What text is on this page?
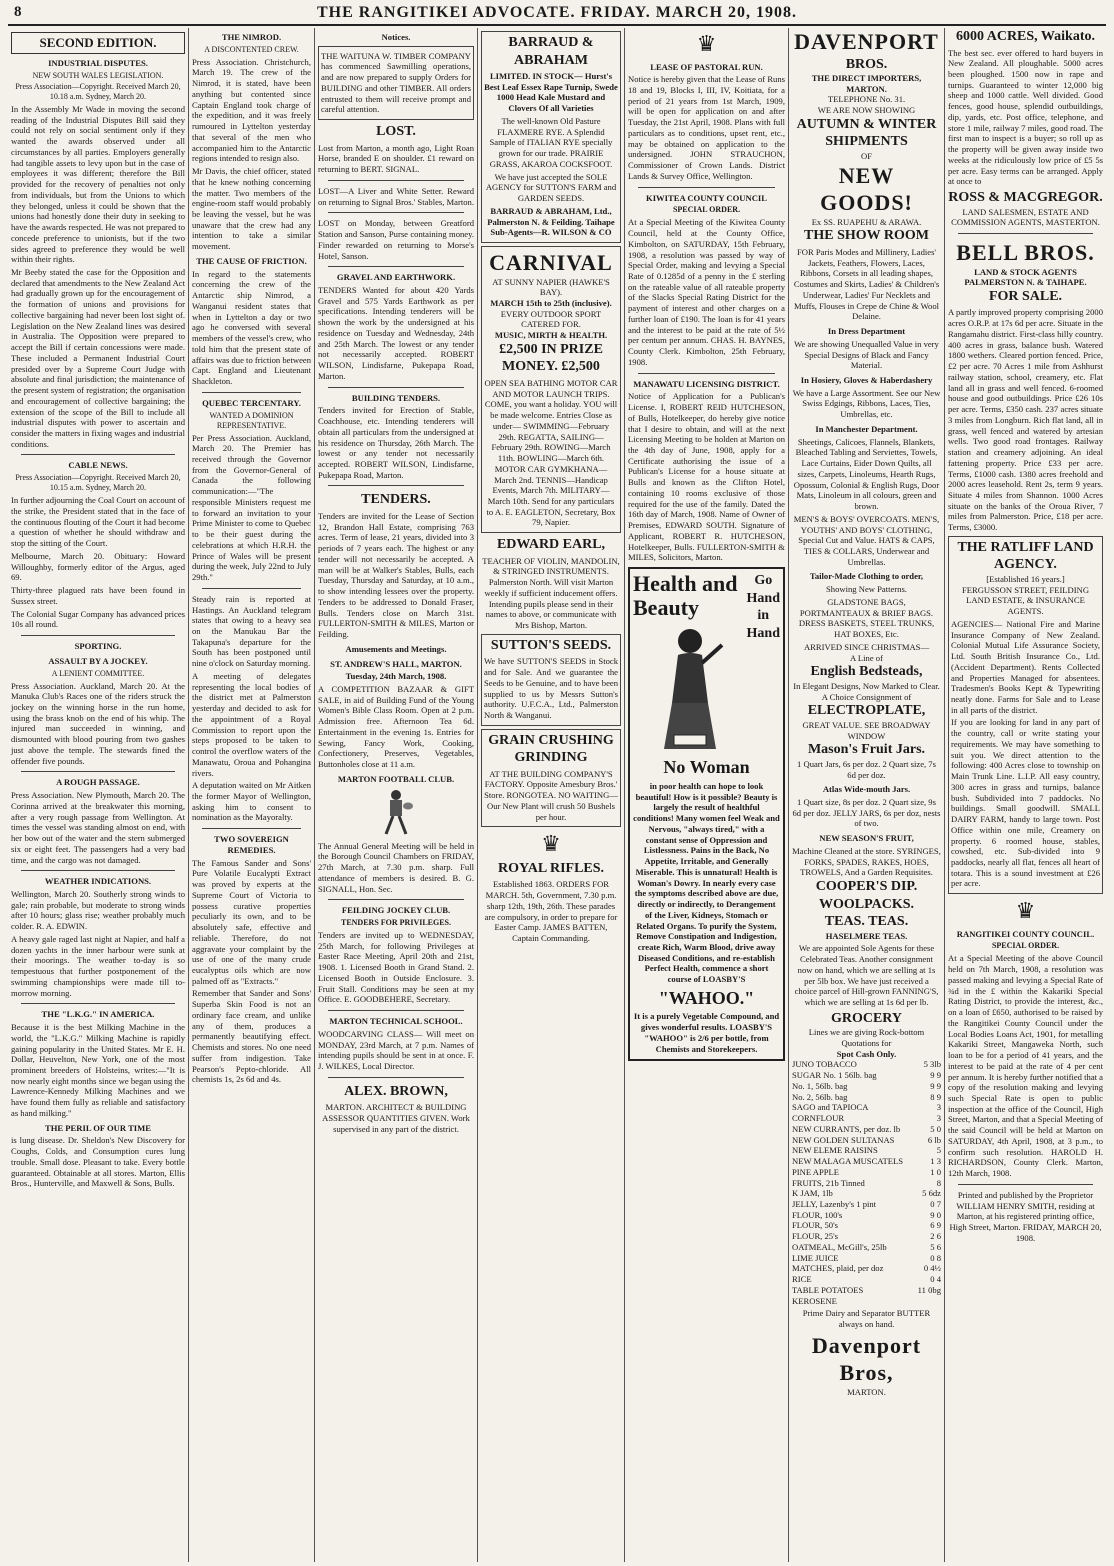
8	THE RANGITIKEI ADVOCATE. FRIDAY. MARCH 20, 1908.
SECOND EDITION.
INDUSTRIAL DISPUTES.
NEW SOUTH WALES LEGISLATION.
Press Association—Copyright. Received March 20, 10.18 a.m. Sydney, March 20.

In the Assembly Mr Wade in moving the second reading of the Industrial Disputes Bill said they could not rely on social sentiment only if they wanted the awards observed under all circumstances by all parties. Employers generally had tangible assets to levy upon but in the case of employees it was different; therefore the Bill provided for the recovery of penalties not only from individuals, but from the Unions to which they belonged, unless it could be shown that the unions had honestly done their duty in seeking to have the awards respected. He was not prepared to concede preference to unionists, but if the two sides agreed to preference they would be well within their rights.

Mr Beeby stated the case for the Opposition and declared that amendments to the New Zealand Act had gradually grown up for the encouragement of the formation of unions and provisions for collective bargaining had never been lost sight of. Legislation on the New Zealand lines was desired in Australia. The Opposition were prepared to accept the Bill if certain concessions were made. These included a Permanent Industrial Court presided over by a Supreme Court Judge with absolute and final jurisdiction; the maintenance of the present system of registration; the organisation and encouragement of collective bargaining; the extension of the scope of the Bill to include all industrial disputes with power to ascertain and consider the matters in fixing wages and industrial conditions.

CABLE NEWS.
Press Association—Copyright. Received March 20, 10.15 a.m. Sydney, March 20.

In further adjourning the Coal Court on account of the strike, the President stated that in the face of the continuous flouting of the Court it had become a question of whether he should withdraw and stop the sitting of the Court.

Melbourne, March 20. Obituary: Howard Willoughby, formerly editor of the Argus, aged 69.

Thirty-three plagued rats have been found in Sussex street.

The Colonial Sugar Company has advanced prices 10s all round.

SPORTING.
ASSAULT BY A JOCKEY.
A LENIENT COMMITTEE.

Press Association. Auckland, March 20. At the Manuka Club's Races one of the riders struck the jockey on the winning horse in the run home, using the brass knob on the end of his whip. The injured man succeeded in winning, and dismounted with blood pouring from two gashes just above the temple. The stewards fined the offender five pounds.

A ROUGH PASSAGE.

Press Association. New Plymouth, March 20. The Corinna arrived at the breakwater this morning, after a very rough passage from Wellington. At times the vessel was standing almost on end, with her bow out of the water and the stern submerged six or eight feet. The passengers had a very bad time, and the cargo was not damaged.

WEATHER INDICATIONS.

Wellington, March 20. Southerly strong winds to gale; rain probable, but moderate to strong winds after 10 hours; glass rise; weather probably much colder. R. A. EDWIN.

A heavy gale raged last night at Napier, and half a dozen yachts in the inner harbour were sunk at their moorings. The weather to-day is so tempestuous that further postponement of the swimming championships were made till to-morrow morning.

THE "L.K.G." IN AMERICA.

Because it is the best Milking Machine in the world, the "L.K.G." Milking Machine is rapidly gaining popularity in the United States. Mr E. H. Dollar, Heuvelton, New York, one of the most prominent breeders of Holsteins, writes:—"It is now nearly eight months since we began using the Lawrence-Kennedy Milking Machines and we have found them fully as reliable and satisfactory as hand milking."

THE PERIL OF OUR TIME

is lung disease. Dr. Sheldon's New Discovery for Coughs, Colds, and Consumption cures lung trouble. Small dose. Pleasant to take. Every bottle guaranteed. Obtainable at all stores. Marton, Ellis Bros., Hunterville, and Maxwell & Sons, Bulls.

THE NIMROD.
A DISCONTENTED CREW.

Press Association. Christchurch, March 19. The crew of the Nimrod, it is stated, have been anything but contented since Captain England took charge of the expedition, and it was freely rumoured in Lyttelton yesterday that several of the men who accompanied him to the Antarctic regions intended to resign also.

Mr Davis, the chief officer, stated that he knew nothing concerning the matter. Two members of the engine-room staff would probably be leaving the vessel, but he was unaware that the crew had any intention to take a similar movement.

THE CAUSE OF FRICTION.

In regard to the statements concerning the crew of the Antarctic ship Nimrod, a Wanganui resident states that when in Lyttelton a day or two ago he conversed with several members of the vessel's crew, who told him that the present state of affairs was due to friction between Capt. England and Lieutenant Shackleton.

QUEBEC TERCENTARY.
WANTED A DOMINION REPRESENTATIVE.

Per Press Association. Auckland, March 20. The Premier has received through the Governor from the Governor-General of Canada the following communication:—"The responsible Ministers request me to forward an invitation to your Prime Minister to come to Quebec to be their guest during the celebrations at which H.R.H. the Prince of Wales will be present during the week, July 22nd to July 29th."

Steady rain is reported at Hastings. An Auckland telegram states that owing to a heavy sea on the Manukau Bar the Takapuna's departure for the South has been postponed until nine o'clock on Saturday morning.

A meeting of delegates representing the local bodies of the district met at Palmerston yesterday and decided to ask for the appointment of a Royal Commission to report upon the steps proposed to be taken to control the overflow waters of the Manawatu, Oroua and Pohangina rivers.

A deputation waited on Mr Aitken the former Mayor of Wellington, asking him to consent to nomination as the Mayoralty.

TWO SOVEREIGN REMEDIES.

The Famous Sander and Sons' Pure Volatile Eucalypti Extract was proved by experts at the Supreme Court of Victoria to possess curative properties peculiarly its own, and to be absolutely safe, effective and reliable. Therefore, do not aggravate your complaint by the use of one of the many crude eucalyptus oils which are now palmed off as "Extracts."

Remember that Sander and Sons' Superba Skin Food is not an ordinary face cream, and unlike any of them, produces a permanently beautifying effect. Chemists and stores. No one need suffer from indigestion. Take Pearson's Pepto-chloride. All chemists 1s, 2s 6d and 4s.

Notices.

THE WAITUNA W. TIMBER COMPANY has commenced Sawmilling operations, and are now prepared to supply Orders for BUILDING and other TIMBER. All orders entrusted to them will receive prompt and careful attention.

LOST.

Lost from Marton, a month ago, Light Roan Horse, branded E on shoulder. £1 reward on returning to BERT. SIGNAL.

LOST—A Liver and White Setter. Reward on returning to Signal Bros.' Stables, Marton.

LOST on Monday, between Greatford Station and Sanson, Purse containing money. Finder rewarded on returning to Morse's Hotel, Sanson.

GRAVEL AND EARTHWORK.

TENDERS Wanted for about 420 Yards Gravel and 575 Yards Earthwork as per specifications. Intending tenderers will be shown the work by the undersigned at his residence on Tuesday and Wednesday, 24th and 25th March. The lowest or any tender not necessarily accepted. ROBERT WILSON, Lindisfarne, Pukepapa Road, Marton.

BUILDING TENDERS.

Tenders invited for Erection of Stable, Coachhouse, etc. Intending tenderers will obtain all particulars from the undersigned at his residence on Thursday, 26th March. The lowest or any tender not necessarily accepted. ROBERT WILSON, Lindisfarne, Pukepapa Road, Marton.

TENDERS.

Tenders are invited for the Lease of Section 12, Brandon Hall Estate, comprising 763 acres. Term of lease, 21 years, divided into 3 periods of 7 years each. The highest or any tender will not necessarily be accepted. A man will be at Walker's Stables, Bulls, each Tuesday, Thursday and Saturday, at 10 a.m., to show intending lessees over the property. Tenders to be addressed to Donald Fraser, Bulls. Tenders close on March 31st. FULLERTON-SMITH & MILES, Marton or Feilding.

Amusements and Meetings.
ST. ANDREW'S HALL, MARTON.
Tuesday, 24th March, 1908.

A COMPETITION BAZAAR & GIFT SALE, in aid of Building Fund of the Young Women's Bible Class Room. Open at 2 p.m. Admission free. Afternoon Tea 6d. Entertainment in the evening 1s. Entries for Sewing, Fancy Work, Cooking, Confectionery, Preserves, Vegetables, Buttonholes close at 11 a.m.

MARTON FOOTBALL CLUB.

The Annual General Meeting will be held in the Borough Council Chambers on FRIDAY, 27th March, at 7.30 p.m. sharp. Full attendance of members is desired. B. G. SIGNALL, Hon. Sec.

FEILDING JOCKEY CLUB.
TENDERS FOR PRIVILEGES.

Tenders are invited up to WEDNESDAY, 25th March, for following Privileges at Easter Race Meeting, April 20th and 21st, 1908. 1. Licensed Booth in Grand Stand. 2. Licensed Booth in Outside Enclosure. 3. Fruit Stall. Conditions may be seen at my Office. E. GOODBEHERE, Secretary.

MARTON TECHNICAL SCHOOL.

WOODCARVING CLASS— Will meet on MONDAY, 23rd March, at 7 p.m. Names of intending pupils should be sent in at once. F. J. WILKES, Local Director.

ALEX. BROWN,

MARTON. ARCHITECT & BUILDING ASSESSOR QUANTITIES GIVEN. Work supervised in any part of the district.

BARRAUD & ABRAHAM

LIMITED. IN STOCK— Hurst's Best Leaf Essex Rape Turnip, Swede 1000 Head Kale Mustard and Clovers Of all Varieties

The well-known Old Pasture FLAXMERE RYE. A Splendid Sample of ITALIAN RYE specially grown for our trade. PRAIRIE GRASS, AKAROA COCKSFOOT.

We have just accepted the SOLE AGENCY for SUTTON'S FARM and GARDEN SEEDS.

BARRAUD & ABRAHAM, Ltd., Palmerston N. & Feilding. Taihape Sub-Agents—R. WILSON & CO

CARNIVAL
AT SUNNY NAPIER (HAWKE'S BAY).
MARCH 15th to 25th (inclusive).
EVERY OUTDOOR SPORT CATERED FOR.
MUSIC, MIRTH & HEALTH.
£2,500 IN PRIZE MONEY. £2,500

OPEN SEA BATHING MOTOR CAR AND MOTOR LAUNCH TRIPS. COME, you want a holiday. YOU will be made welcome. Entries Close as under— SWIMMING—February 29th. REGATTA, SAILING—February 29th. ROWING—March 11th. BOWLING—March 6th. MOTOR CAR GYMKHANA—March 2nd. TENNIS—Handicap Events, March 7th. MILITARY—March 10th. Send for any particulars to A. E. EAGLETON, Secretary, Box 79, Napier.

EDWARD EARL,

TEACHER OF VIOLIN, MANDOLIN, & STRINGED INSTRUMENTS. Palmerston North. Will visit Marton weekly if sufficient inducement offers. Intending pupils please send in their names to above, or communicate with Mrs Bishop, Marton.

SUTTON'S SEEDS.

We have SUTTON'S SEEDS in Stock and for Sale. And we guarantee the Seeds to be Genuine, and to have been supplied to us by Messrs Sutton's authority. U.F.C.A., Ltd., Palmerston North & Wanganui.

GRAIN CRUSHING GRINDING

AT THE BUILDING COMPANY'S FACTORY. Opposite Amesbury Bros.' Store. RONGOTEA. NO WAITING—Our New Plant will crush 50 Bushels per hour.

♛
ROYAL RIFLES.

Established 1863. ORDERS FOR MARCH. 5th, Government, 7.30 p.m. sharp 12th, 19th, 26th. These parades are compulsory, in order to prepare for Easter Camp. JAMES BATTEN, Captain Commanding.

♛
LEASE OF PASTORAL RUN.

Notice is hereby given that the Lease of Runs 18 and 19, Blocks I, III, IV, Koitiata, for a period of 21 years from 1st March, 1909, will be open for application on and after Tuesday, the 21st April, 1908. Plans with full particulars as to conditions, upset rent, etc., may be obtained on application to the undersigned. JOHN STRAUCHON, Commissioner of Crown Lands. District Lands & Survey Office, Wellington.

KIWITEA COUNTY COUNCIL
SPECIAL ORDER.

At a Special Meeting of the Kiwitea County Council, held at the County Office, Kimbolton, on SATURDAY, 15th February, 1908, a resolution was passed by way of Special Order, making and levying a Special Rate of 0.1285d of a penny in the £ sterling on the rateable value of all rateable property of the Slacks Special Rating District for the payment of interest and other charges on a further loan of £190. The loan is for 41 years and the interest to be paid at the rate of 5½ per centum per annum. CHAS. H. BAYNES, County Clerk. Kimbolton, 25th February, 1908.

MANAWATU LICENSING DISTRICT.

Notice of Application for a Publican's License. I, ROBERT REID HUTCHESON, of Bulls, Hotelkeeper, do hereby give notice that I desire to obtain, and will at the next Licensing Meeting to be holden at Marton on the 4th day of June, 1908, apply for a Certificate authorising the issue of a Publican's License for a house situate at Bulls and known as the Clifton Hotel, containing 10 rooms exclusive of those required for the use of the family. Dated the 16th day of March, 1908. Name of Owner of Premises, EDWARD SOUTH. Signature of Applicant, ROBERT R. HUTCHESON, Hotelkeeper, Bulls. FULLERTON-SMITH & MILES, Solicitors, Marton.

Health and Beauty
Go Hand in Hand
No Woman

in poor health can hope to look beautiful! How is it possible? Beauty is largely the result of healthful conditions! Many women feel Weak and Nervous, "always tired," with a constant sense of Oppression and Listlessness. Pains in the Back, No Appetite, Irritable, and Generally Miserable. This is unnatural! Health is Woman's Dowry. In nearly every case the symptoms described above are due, directly or indirectly, to Derangement of the Liver, Kidneys, Stomach or Related Organs. To purify the System, Remove Constipation and Indigestion, create Rich, Warm Blood, drive away Diseased Conditions, and re-establish Perfect Health, commence a short course of LOASBY'S

"WAHOO."

It is a purely Vegetable Compound, and gives wonderful results. LOASBY'S "WAHOO" is 2/6 per bottle, from Chemists and Storekeepers.

DAVENPORT
BROS.
THE DIRECT IMPORTERS, MARTON.
TELEPHONE No. 31.
WE ARE NOW SHOWING
AUTUMN & WINTER SHIPMENTS
OF
NEW GOODS!
Ex SS. RUAPEHU & ARAWA.
THE SHOW ROOM

FOR Paris Modes and Millinery, Ladies' Jackets, Feathers, Flowers, Laces, Ribbons, Corsets in all leading shapes, Costumes and Skirts, Ladies' & Children's Underwear, Ladies' Fur Necklets and Muffs, Flouses in Crepe de Chine & Wool Delaine.

In Dress Department

We are showing Unequalled Value in very Special Designs of Black and Fancy Material.

In Hosiery, Gloves & Haberdashery

We have a Large Assortment. See our New Swiss Edgings, Ribbons, Laces, Ties, Umbrellas, etc.

In Manchester Department.

Sheetings, Calicoes, Flannels, Blankets, Bleached Tabling and Serviettes, Towels, Lace Curtains, Eider Down Quilts, all sizes, Carpets, Linoleums, Hearth Rugs, Opossum, Colonial & English Rugs, Door Mats, Linoleum in all colours, green and brown.

MEN'S & BOYS' OVERCOATS. MEN'S, YOUTHS' AND BOYS' CLOTHING, Special Cut and Value. HATS & CAPS, TIES & COLLARS, Underwear and Umbrellas.

Tailor-Made Clothing to order,
Showing New Patterns.

GLADSTONE BAGS, PORTMANTEAUX & BRIEF BAGS. DRESS BASKETS, STEEL TRUNKS, HAT BOXES, Etc.

ARRIVED SINCE CHRISTMAS—
A Line of
English Bedsteads,
In Elegant Designs, Now Marked to Clear.
A Choice Consignment of
ELECTROPLATE,
GREAT VALUE. SEE BROADWAY WINDOW
Mason's Fruit Jars.
1 Quart Jars, 6s per doz. 2 Quart size, 7s 6d per doz.
Atlas Wide-mouth Jars.
1 Quart size, 8s per doz. 2 Quart size, 9s 6d per doz. JELLY JARS, 6s per doz, nests of two.
NEW SEASON'S FRUIT,
Machine Cleaned at the store. SYRINGES, FORKS, SPADES, RAKES, HOES, TROWELS, And a Garden Requisites.
COOPER'S DIP.
WOOLPACKS.
TEAS. TEAS.
HASELMERE TEAS.

We are appointed Sole Agents for these Celebrated Teas. Another consignment now on hand, which we are selling at 1s per 5lb box. We have just received a choice parcel of Hill-grown FANNING'S, which we are selling at 1s 6d per lb.

GROCERY
Lines we are giving Rock-bottom Quotations for
Spot Cash Only.
JUNO TOBACCO	5 3lb
SUGAR No. 1 56lb. bag	9 9
No. 1, 56lb. bag	9 9
No. 2, 56lb. bag	8 9
SAGO and TAPIOCA	3
CORNFLOUR	3
NEW CURRANTS, per doz. lb	5 0
NEW GOLDEN SULTANAS	6 lb
NEW ELEME RAISINS	5
NEW MALAGA MUSCATELS	1 3
PINE APPLE	1 0
FRUITS, 21b Tinned	8
K JAM, 1lb	5 6dz
JELLY, Lazenby's 1 pint	0 7
FLOUR, 100's	9 0
FLOUR, 50's	6 9
FLOUR, 25's	2 6
OATMEAL, McGill's, 25lb	5 6
LIME JUICE	0 8
MATCHES, plaid, per doz	0 4½
RICE	0 4
TABLE POTATOES	11 0bg
KEROSENE

Prime Dairy and Separator BUTTER always on hand.

Davenport Bros,
MARTON.
6000 ACRES, Waikato.

The best sec. ever offered to hard buyers in New Zealand. All ploughable. 5000 acres been ploughed. 1500 now in rape and turnips. Guaranteed to winter 12,000 big sheep and 1000 cattle. Well divided. Good fences, good house, splendid outbuildings, dip, yards, etc. Post office, telephone, and store 1 mile, railway 7 miles, good road. The first man to inspect is a buyer; so roll up as the property will be given away inside two weeks at the ridiculously low price of £5 5s per acre. Easy terms can be arranged. Apply at once to

ROSS & MACGREGOR.
LAND SALESMEN, ESTATE AND COMMISSION AGENTS, MASTERTON.
BELL BROS.
LAND & STOCK AGENTS PALMERSTON N. & TAIHAPE.
FOR SALE.

A partly improved property comprising 2000 acres O.R.P. at 17s 6d per acre. Situate in the Rangamahu district. First-class hilly country. 400 acres in grass, balance bush. Watered 1800 wethers. Cleared portion fenced. Price, £2 per acre. 70 Acres 1 mile from Ashhurst railway station, school, creamery, etc. Flat land all in grass and well fenced. 6-roomed house and good outbuildings. Price £26 10s per acre. Terms, £350 cash. 237 acres situate 3 miles from Longburn. Rich flat land, all in grass, well fenced and watered by artesian wells. Two good road frontages. Railway station and creamery adjoining. An ideal fattening property. Price £33 per acre. Terms, £1000 cash. 1380 acres freehold and 2000 acres leasehold. Rent 2s, term 9 years. Situate 4 miles from Shannon. 1000 Acres situate on the banks of the Oroua River, 7 miles from Palmerston. Price, £18 per acre. Terms, £3000.

THE RATLIFF LAND AGENCY.
[Established 16 years.]
FERGUSSON STREET, FEILDING LAND ESTATE, & INSURANCE AGENTS.

AGENCIES— National Fire and Marine Insurance Company of New Zealand. Colonial Mutual Life Assurance Society, Ltd. South British Insurance Co., Ltd. (Accident Department). Rents Collected and Properties Managed for absentees. Tradesmen's Books Kept & Typewriting neatly done. Farms for Sale and to Lease in all parts of the district.

If you are looking for land in any part of the country, call or write stating your requirements. We may have something to suit you. We direct attention to the following: 400 Acres close to township on Main Trunk Line. L.I.P. All easy country, 300 acres in grass and turnips, balance bush. Subdivided into 7 paddocks. No buildings. Small goodwill. SMALL DAIRY FARM, handy to large town. Post Office within one mile, Creamery on property. 6 roomed house, stables, cowshed, etc. Sub-divided into 9 paddocks, nearly all flat, fences all heart of totara. This is a sound investment at £26 per acre.

♛
RANGITIKEI COUNTY COUNCIL.
SPECIAL ORDER.

At a Special Meeting of the above Council held on 7th March, 1908, a resolution was passed making and levying a Special Rate of ¾d in the £ within the Kakariki Special Rating District, to provide the interest, &c., on a loan of £650, authorised to be raised by the Rangitikei County Council under the Local Bodies Loans Act, 1901, for metalling Kakariki Street, Mangaweka North, such loan to be for a period of 41 years, and the interest to be paid at the rate of 4 per cent per annum. It is hereby further notified that a copy of the resolution making and levying such Special Rate is open to public inspection at the office of the Council, High Street, Marton, and that a Special Meeting of the said Council will be held at Marton on SATURDAY, 4th April, 1908, at 3 p.m., to confirm such resolution. HAROLD H. RICHARDSON, County Clerk. Marton, 12th March, 1908.

Printed and published by the Proprietor WILLIAM HENRY SMITH, residing at Marton, at his registered printing office, High Street, Marton. FRIDAY, MARCH 20, 1908.
